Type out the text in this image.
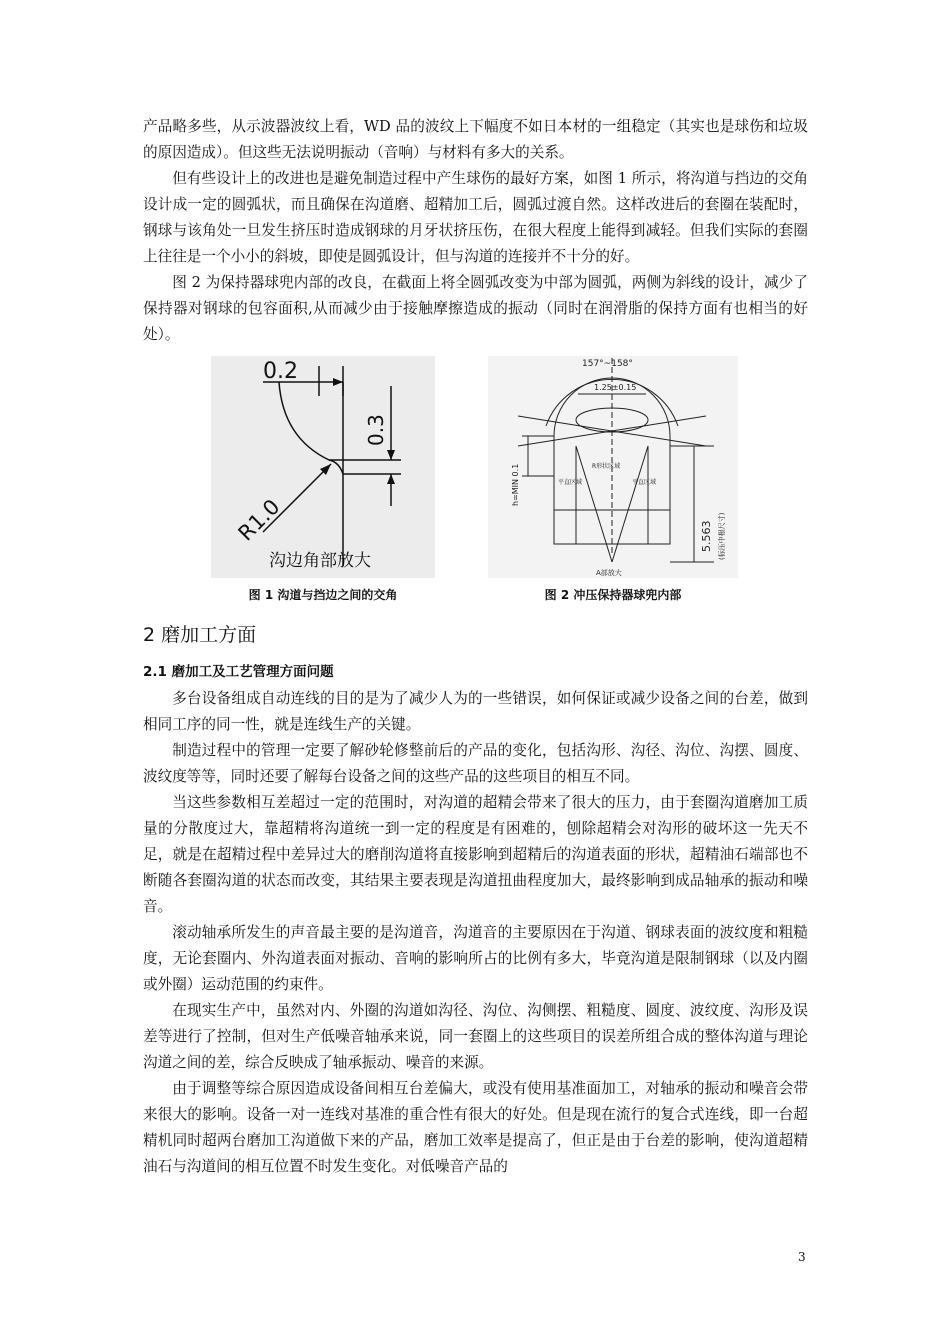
产品略多些，从示波器波纹上看，WD 品的波纹上下幅度不如日本材的一组稳定（其实也是球伤和垃圾的原因造成）。但这些无法说明振动（音响）与材料有多大的关系。

但有些设计上的改进也是避免制造过程中产生球伤的最好方案，如图 1 所示，将沟道与挡边的交角设计成一定的圆弧状，而且确保在沟道磨、超精加工后，圆弧过渡自然。这样改进后的套圈在装配时，钢球与该角处一旦发生挤压时造成钢球的月牙状挤压伤，在很大程度上能得到减轻。但我们实际的套圈上往往是一个小小的斜坡，即使是圆弧设计，但与沟道的连接并不十分的好。

图 2 为保持器球兜内部的改良，在截面上将全圆弧改变为中部为圆弧，两侧为斜线的设计，减少了保持器对钢球的包容面积,从而减少由于接触摩擦造成的振动（同时在润滑脂的保持方面有也相当的好处）。

0.2
0.3
R1.0
沟边角部放大
图 1 沟道与挡边之间的交角
157°~158°
1.25±0.15
h=MIN 0.1	R形状区域
平直区域	平直区域
5.563 (标压中根尺寸)
A部放大
图 2 冲压保持器球兜内部
2 磨加工方面
2.1 磨加工及工艺管理方面问题

多台设备组成自动连线的目的是为了减少人为的一些错误，如何保证或减少设备之间的台差，做到相同工序的同一性，就是连线生产的关键。

制造过程中的管理一定要了解砂轮修整前后的产品的变化，包括沟形、沟径、沟位、沟摆、圆度、波纹度等等，同时还要了解每台设备之间的这些产品的这些项目的相互不同。

当这些参数相互差超过一定的范围时，对沟道的超精会带来了很大的压力，由于套圈沟道磨加工质量的分散度过大，靠超精将沟道统一到一定的程度是有困难的，刨除超精会对沟形的破坏这一先天不足，就是在超精过程中差异过大的磨削沟道将直接影响到超精后的沟道表面的形状，超精油石端部也不断随各套圈沟道的状态而改变，其结果主要表现是沟道扭曲程度加大，最终影响到成品轴承的振动和噪音。

滚动轴承所发生的声音最主要的是沟道音，沟道音的主要原因在于沟道、钢球表面的波纹度和粗糙度，无论套圈内、外沟道表面对振动、音响的影响所占的比例有多大，毕竟沟道是限制钢球（以及内圈或外圈）运动范围的约束件。

在现实生产中，虽然对内、外圈的沟道如沟径、沟位、沟侧摆、粗糙度、圆度、波纹度、沟形及误差等进行了控制，但对生产低噪音轴承来说，同一套圈上的这些项目的误差所组合成的整体沟道与理论沟道之间的差，综合反映成了轴承振动、噪音的来源。

由于调整等综合原因造成设备间相互台差偏大，或没有使用基准面加工，对轴承的振动和噪音会带来很大的影响。设备一对一连线对基准的重合性有很大的好处。但是现在流行的复合式连线，即一台超精机同时超两台磨加工沟道做下来的产品，磨加工效率是提高了，但正是由于台差的影响，使沟道超精油石与沟道间的相互位置不时发生变化。对低噪音产品的

3
